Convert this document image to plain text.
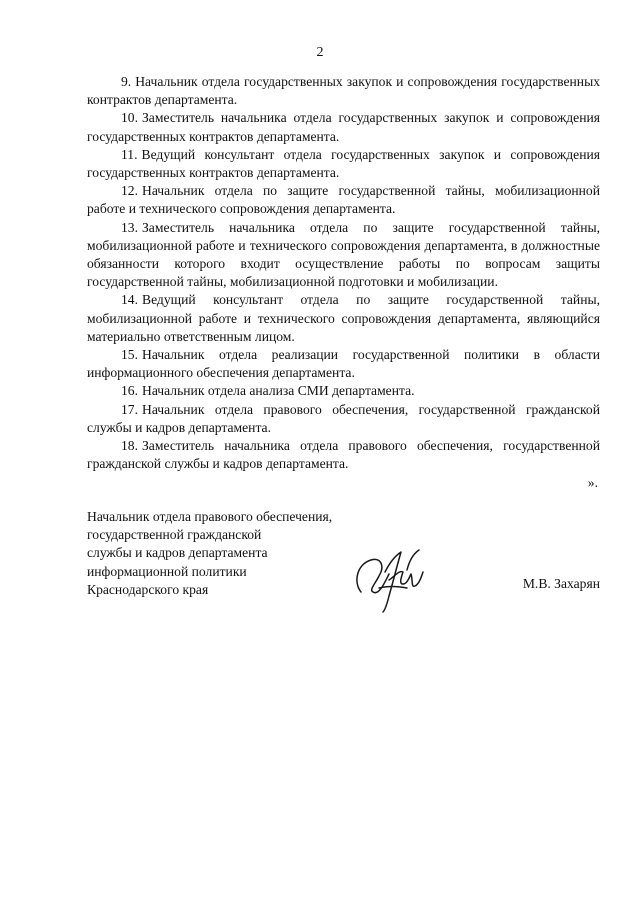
2

9. Начальник отдела государственных закупок и сопровождения государственных контрактов департамента.

10. Заместитель начальника отдела государственных закупок и сопровождения государственных контрактов департамента.

11. Ведущий консультант отдела государственных закупок и сопровождения государственных контрактов департамента.

12. Начальник отдела по защите государственной тайны, мобилизационной работе и технического сопровождения департамента.

13. Заместитель начальника отдела по защите государственной тайны, мобилизационной работе и технического сопровождения департамента, в должностные обязанности которого входит осуществление работы по вопросам защиты государственной тайны, мобилизационной подготовки и мобилизации.

14. Ведущий консультант отдела по защите государственной тайны, мобилизационной работе и технического сопровождения департамента, являющийся материально ответственным лицом.

15. Начальник отдела реализации государственной политики в области информационного обеспечения департамента.

16. Начальник отдела анализа СМИ департамента.

17. Начальник отдела правового обеспечения, государственной гражданской службы и кадров департамента.

18. Заместитель начальника отдела правового обеспечения, государственной гражданской службы и кадров департамента.

».
Начальник отдела правового обеспечения,
государственной гражданской
службы и кадров департамента
информационной политики
Краснодарского края	М.В. Захарян
